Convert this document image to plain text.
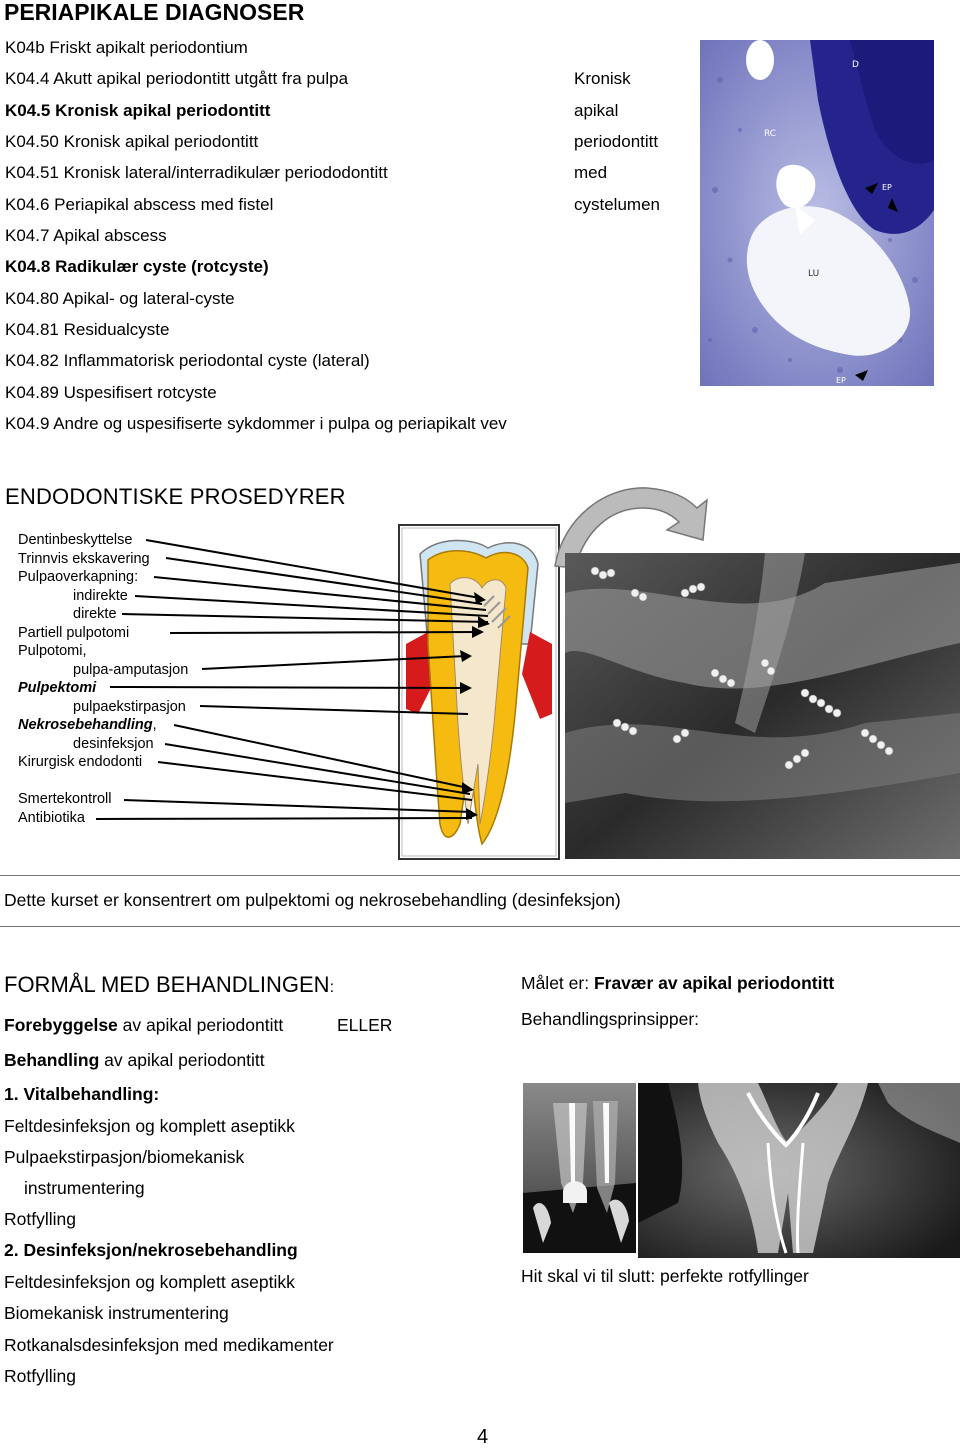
PERIAPIKALE DIAGNOSER
K04b Friskt apikalt periodontium
K04.4 Akutt apikal periodontitt utgått fra pulpa
K04.5 Kronisk apikal periodontitt
K04.50 Kronisk apikal periodontitt
K04.51 Kronisk lateral/interradikulær periododontitt
K04.6 Periapikal abscess med fistel
K04.7 Apikal abscess
K04.8 Radikulær cyste (rotcyste)
K04.80 Apikal- og lateral-cyste
K04.81 Residualcyste
K04.82 Inflammatorisk periodontal cyste (lateral)
K04.89 Uspesifisert rotcyste
K04.9 Andre og uspesifiserte sykdommer i pulpa og periapikalt vev
Kronisk
apikal
periodontitt
med
cystelumen
D
RC
EP
LU
EP
ENDODONTISKE PROSEDYRER
Dentinbeskyttelse
Trinnvis ekskavering
Pulpaoverkapning:
indirekte
direkte
Partiell pulpotomi
Pulpotomi,
pulpa-amputasjon
Pulpektomi
pulpaekstirpasjon
Nekrosebehandling,
desinfeksjon
Kirurgisk endodonti
Smertekontroll
Antibiotika
Dette kurset er konsentrert om pulpektomi og nekrosebehandling (desinfeksjon)
FORMÅL MED BEHANDLINGEN:
Forebyggelse av apikal periodontitt	ELLER
Behandling av apikal periodontitt
1. Vitalbehandling:
Feltdesinfeksjon og komplett aseptikk
Pulpaekstirpasjon/biomekanisk
instrumentering
Rotfylling
2. Desinfeksjon/nekrosebehandling
Feltdesinfeksjon og komplett aseptikk
Biomekanisk instrumentering
Rotkanalsdesinfeksjon med medikamenter
Rotfylling
Målet er: Fravær av apikal periodontitt
Behandlingsprinsipper:
Hit skal vi til slutt: perfekte rotfyllinger
4
